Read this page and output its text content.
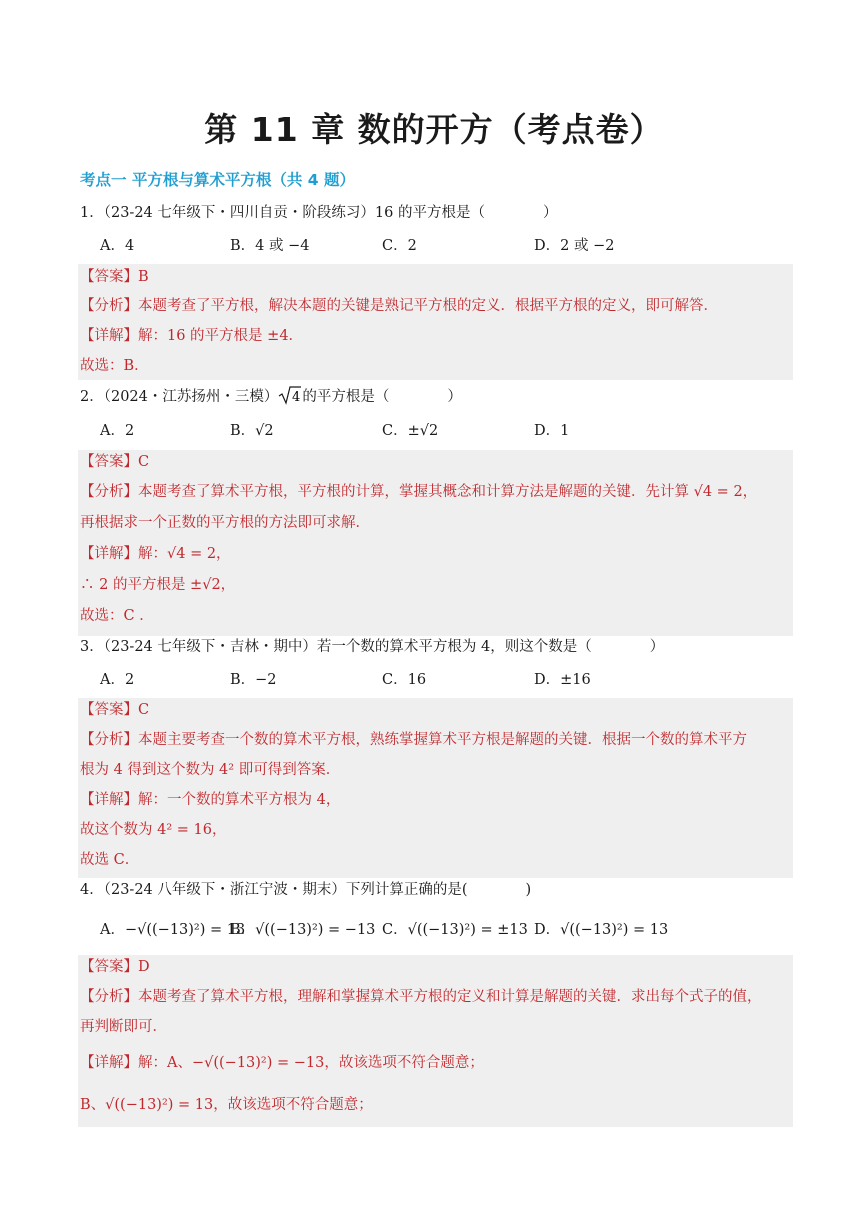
第 11 章 数的开方（考点卷）
考点一 平方根与算术平方根（共 4 题）
1．（23-24 七年级下・四川自贡・阶段练习）16 的平方根是（　　　　）
A．4	B．4 或 −4	C．2	D．2 或 −2
【答案】B
【分析】本题考查了平方根，解决本题的关键是熟记平方根的定义．根据平方根的定义，即可解答．
【详解】解：16 的平方根是 ±4．
故选：B．
2．（2024・江苏扬州・三模） 4 的平方根是（　　　　）
A．2	B．√2	C．±√2	D．1
【答案】C
【分析】本题考查了算术平方根，平方根的计算，掌握其概念和计算方法是解题的关键．先计算 √4 = 2，
再根据求一个正数的平方根的方法即可求解．
【详解】解：√4 = 2，
∴ 2 的平方根是 ±√2，
故选：C ．
3．（23-24 七年级下・吉林・期中）若一个数的算术平方根为 4，则这个数是（　　　　）
A．2	B．−2	C．16	D．±16
【答案】C
【分析】本题主要考查一个数的算术平方根，熟练掌握算术平方根是解题的关键．根据一个数的算术平方
根为 4 得到这个数为 4² 即可得到答案．
【详解】解：一个数的算术平方根为 4，
故这个数为 4² = 16，
故选 C．
4．（23-24 八年级下・浙江宁波・期末）下列计算正确的是(　　　　)
A．−√((−13)²) = 13
B．√((−13)²) = −13 C．√((−13)²) = ±13 D．√((−13)²) = 13
【答案】D
【分析】本题考查了算术平方根，理解和掌握算术平方根的定义和计算是解题的关键．求出每个式子的值，
再判断即可．
【详解】解：A、−√((−13)²) = −13，故该选项不符合题意；
B、√((−13)²) = 13，故该选项不符合题意；
